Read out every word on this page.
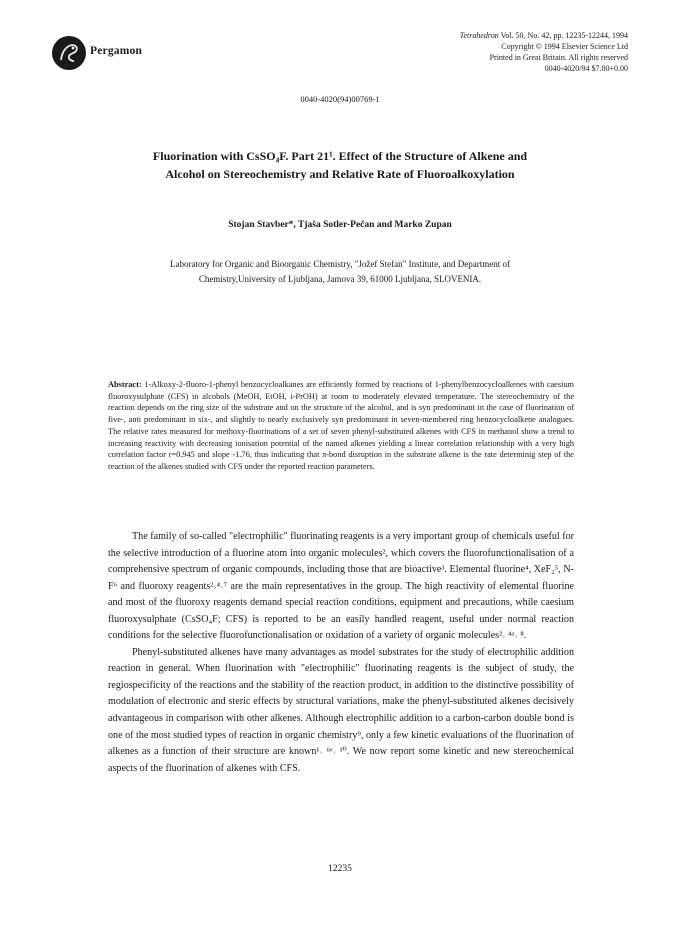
Pergamon
Tetrahedron Vol. 50, No. 42, pp. 12235-12244, 1994
Copyright © 1994 Elsevier Science Ltd
Printed in Great Britain. All rights reserved
0040-4020/94 $7.00+0.00
0040-4020(94)00769-1
Fluorination with CsSO₄F. Part 21¹. Effect of the Structure of Alkene and
Alcohol on Stereochemistry and Relative Rate of Fluoroalkoxylation
Stojan Stavber*, Tjaša Sotler-Pečan and Marko Zupan
Laboratory for Organic and Bioorganic Chemistry, "Jožef Stefan" Institute, and Department of
Chemistry,University of Ljubljana, Jamova 39, 61000 Ljubljana, SLOVENIA.
Abstract: 1-Alkoxy-2-fluoro-1-phenyl benzocycloalkanes are efficiently formed by reactions of 1-phenylbenzocycloalkenes with caesium fluoroxysulphate (CFS) in alcohols (MeOH, EtOH, i-PrOH) at room to moderately elevated temperature. The stereochemistry of the reaction depends on the ring size of the substrate and on the structure of the alcohol, and is syn predominant in the case of fluorination of five-, anti predominant in six-, and slightly to nearly exclusively syn predominant in seven-membered ring benzocycloalkene analogues. The relative rates measured for methoxy-fluorinations of a set of seven phenyl-substituted alkenes with CFS in methanol show a trend to increasing reactivity with decreasing ionisation potential of the named alkenes yielding a linear correlation relationship with a very high correlation factor r=0.945 and slope -1.76, thus indicating that π-bond disruption in the substrate alkene is the rate determinig step of the reaction of the alkenes studied with CFS under the reported reaction parameters.

The family of so-called "electrophilic" fluorinating reagents is a very important group of chemicals useful for the selective introduction of a fluorine atom into organic molecules², which covers the fluorofunctionalisation of a comprehensive spectrum of organic compounds, including those that are bioactive³. Elemental fluorine⁴, XeF₂⁵, N-F⁶ and fluoroxy reagents²˒⁴˒⁷ are the main representatives in the group. The high reactivity of elemental fluorine and most of the fluoroxy reagents demand special reaction conditions, equipment and precautions, while caesium fluoroxysulphate (CsSO₄F; CFS) is reported to be an easily handled reagent, useful under normal reaction conditions for the selective fluorofunctionalisation or oxidation of a variety of organic molecules²˒ ⁴ᵃ˒ ⁸.

Phenyl-substituted alkenes have many advantages as model substrates for the study of electrophilic addition reaction in general. When fluorination with "electrophilic" fluorinating reagents is the subject of study, the regiospecificity of the reactions and the stability of the reaction product, in addition to the distinctive possibility of modulation of electronic and steric effects by structural variations, make the phenyl-substituted alkenes decisively advantageous in comparison with other alkenes. Although electrophilic addition to a carbon-carbon double bond is one of the most studied types of reaction in organic chemistry⁹, only a few kinetic evaluations of the fluorination of alkenes as a function of their structure are known¹˒ ⁶ᵉ˒ ¹⁰. We now report some kinetic and new stereochemical aspects of the fluorination of alkenes with CFS.

12235
